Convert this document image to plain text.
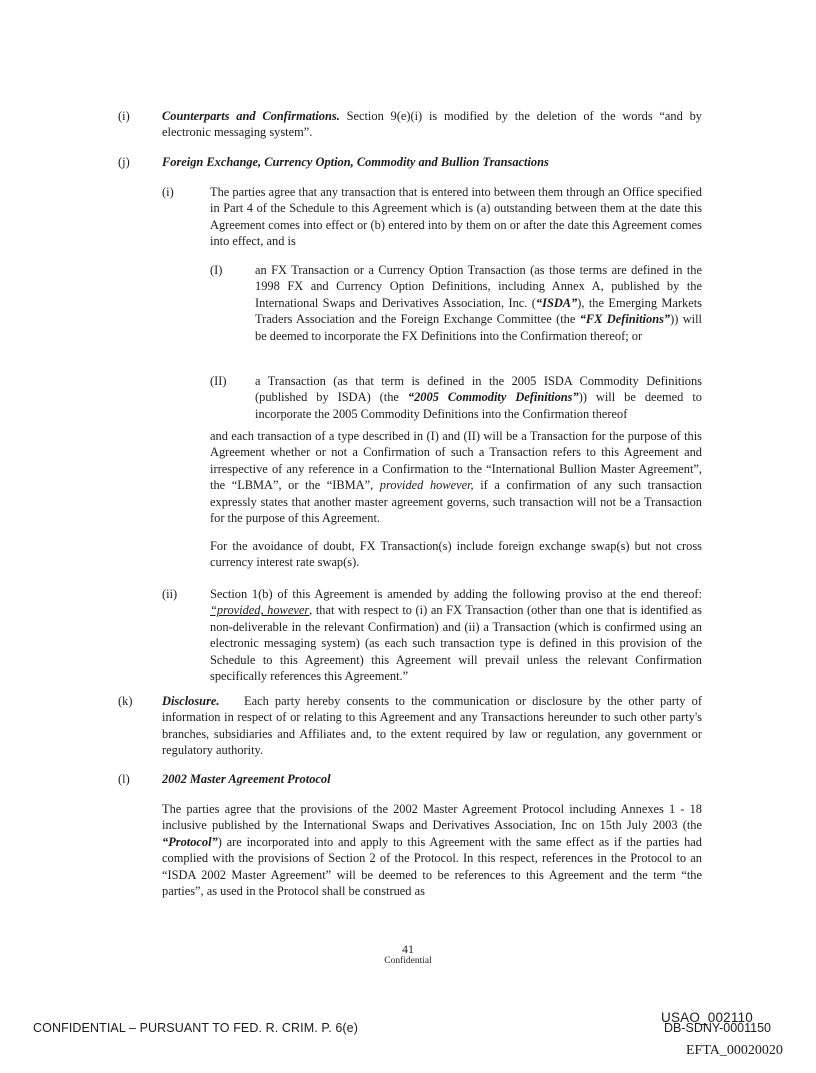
(i)	Counterparts and Confirmations. Section 9(e)(i) is modified by the deletion of the words “and by electronic messaging system”.
(j)	Foreign Exchange, Currency Option, Commodity and Bullion Transactions
(i)	The parties agree that any transaction that is entered into between them through an Office specified in Part 4 of the Schedule to this Agreement which is (a) outstanding between them at the date this Agreement comes into effect or (b) entered into by them on or after the date this Agreement comes into effect, and is
(I)	an FX Transaction or a Currency Option Transaction (as those terms are defined in the 1998 FX and Currency Option Definitions, including Annex A, published by the International Swaps and Derivatives Association, Inc. (“ISDA”), the Emerging Markets Traders Association and the Foreign Exchange Committee (the “FX Definitions”)) will be deemed to incorporate the FX Definitions into the Confirmation thereof; or
(II) a Transaction (as that term is defined in the 2005 ISDA Commodity Definitions (published by ISDA) (the “2005 Commodity Definitions”)) will be deemed to incorporate the 2005 Commodity Definitions into the Confirmation thereof
and each transaction of a type described in (I) and (II) will be a Transaction for the purpose of this Agreement whether or not a Confirmation of such a Transaction refers to this Agreement and irrespective of any reference in a Confirmation to the “International Bullion Master Agreement”, the “LBMA”, or the “IBMA”, provided however, if a confirmation of any such transaction expressly states that another master agreement governs, such transaction will not be a Transaction for the purpose of this Agreement.
For the avoidance of doubt, FX Transaction(s) include foreign exchange swap(s) but not cross currency interest rate swap(s).
(ii)	Section 1(b) of this Agreement is amended by adding the following proviso at the end thereof: “provided, however, that with respect to (i) an FX Transaction (other than one that is identified as non-deliverable in the relevant Confirmation) and (ii) a Transaction (which is confirmed using an electronic messaging system) (as each such transaction type is defined in this provision of the Schedule to this Agreement) this Agreement will prevail unless the relevant Confirmation specifically references this Agreement.”
(k) Disclosure.	Each party hereby consents to the communication or disclosure by the other party of information in respect of or relating to this Agreement and any Transactions hereunder to such other party's branches, subsidiaries and Affiliates and, to the extent required by law or regulation, any government or regulatory authority.
(l)	2002 Master Agreement Protocol
The parties agree that the provisions of the 2002 Master Agreement Protocol including Annexes 1 - 18 inclusive published by the International Swaps and Derivatives Association, Inc on 15th July 2003 (the “Protocol”) are incorporated into and apply to this Agreement with the same effect as if the parties had complied with the provisions of Section 2 of the Protocol. In this respect, references in the Protocol to an “ISDA 2002 Master Agreement” will be deemed to be references to this Agreement and the term “the parties”, as used in the Protocol shall be construed as
41
Confidential
CONFIDENTIAL – PURSUANT TO FED. R. CRIM. P. 6(e)
USAO_002110
DB-SDNY-0001150
EFTA_00020020
